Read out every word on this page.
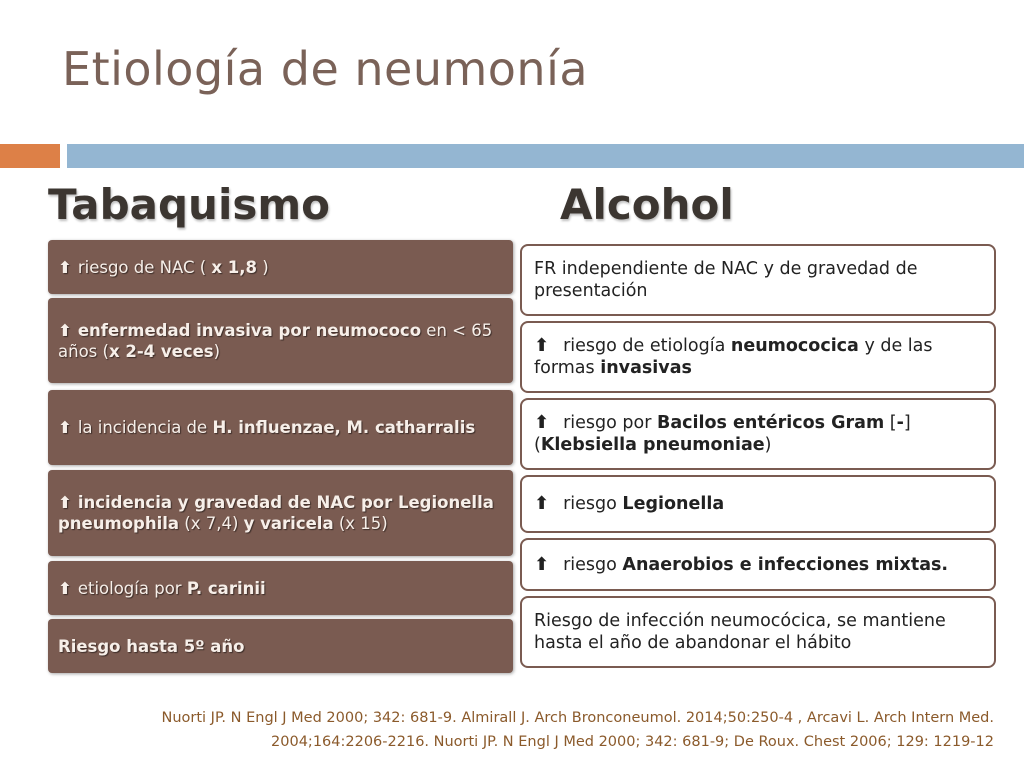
Etiología de neumonía
Tabaquismo	Alcohol
⬆ riesgo de NAC ( x 1,8 )
⬆ enfermedad invasiva por neumococo en < 65 años (x 2-4 veces)
⬆ la incidencia de H. influenzae, M. catharralis
⬆ incidencia y gravedad de NAC por Legionella pneumophila (x 7,4) y varicela (x 15)
⬆ etiología por P. carinii
Riesgo hasta 5º año
FR independiente de NAC y de gravedad de presentación
⬆ riesgo de etiología neumococica y de las formas invasivas
⬆ riesgo por Bacilos entéricos Gram [-] (Klebsiella pneumoniae)
⬆ riesgo Legionella
⬆ riesgo Anaerobios e infecciones mixtas.
Riesgo de infección neumocócica, se mantiene hasta el año de abandonar el hábito
Nuorti JP. N Engl J Med 2000; 342: 681-9. Almirall J. Arch Bronconeumol. 2014;50:250-4 , Arcavi L. Arch Intern Med.
2004;164:2206-2216. Nuorti JP. N Engl J Med 2000; 342: 681-9; De Roux. Chest 2006; 129: 1219-12
